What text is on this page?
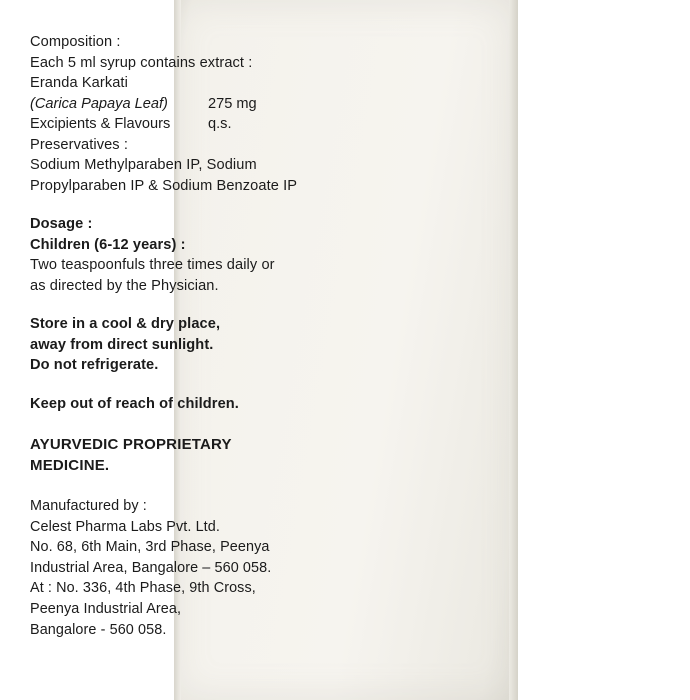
Composition :
Each 5 ml syrup contains extract :
Eranda Karkati
(Carica Papaya Leaf)	275 mg
Excipients & Flavours	q.s.
Preservatives :
Sodium Methylparaben IP, Sodium
Propylparaben IP & Sodium Benzoate IP
Dosage :
Children (6-12 years) :
Two teaspoonfuls three times daily or
as directed by the Physician.
Store in a cool & dry place,
away from direct sunlight.
Do not refrigerate.
Keep out of reach of children.
AYURVEDIC PROPRIETARY
MEDICINE.
Manufactured by :
Celest Pharma Labs Pvt. Ltd.
No. 68, 6th Main, 3rd Phase, Peenya
Industrial Area, Bangalore – 560 058.
At : No. 336, 4th Phase, 9th Cross,
Peenya Industrial Area,
Bangalore - 560 058.
